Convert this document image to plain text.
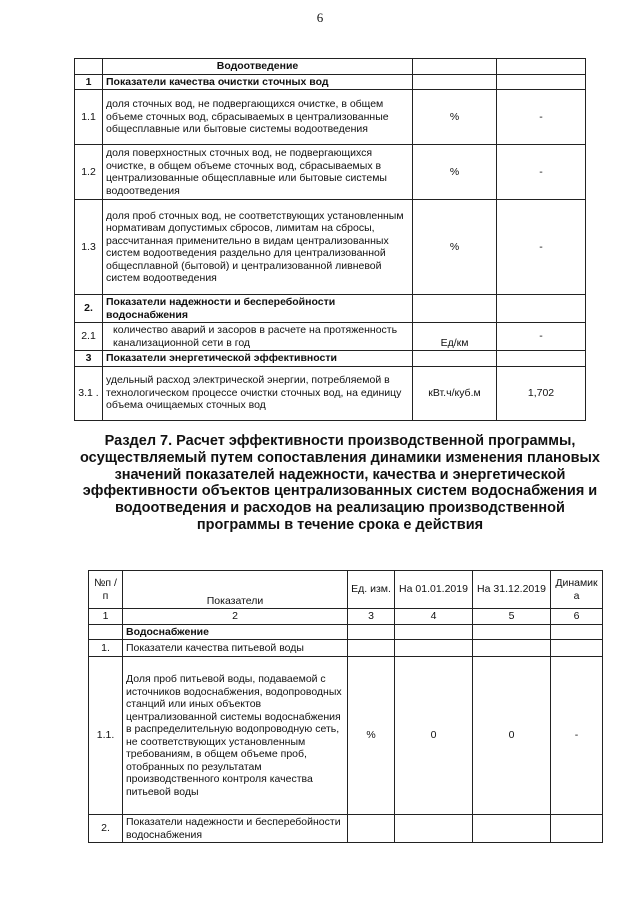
6
	Водоотведение		
1	Показатели качества очистки сточных вод		
1.1	доля сточных вод, не подвергающихся очистке, в общем объеме сточных вод, сбрасываемых в централизованные общесплавные или бытовые системы водоотведения	%	-
1.2	доля поверхностных сточных вод, не подвергающихся очистке, в общем объеме сточных вод, сбрасываемых в централизованные общесплавные или бытовые системы водоотведения	%	-
1.3	доля проб сточных вод, не соответствующих установленным нормативам допустимых сбросов, лимитам на сбросы, рассчитанная применительно в видам централизованных систем водоотведения раздельно для централизованной общесплавной (бытовой) и централизованной ливневой систем водоотведения	%	-
2.	Показатели надежности и бесперебойности водоснабжения		
2.1	количество аварий и засоров в расчете на протяженность канализационной сети в год	Ед/км	-
3	Показатели энергетической эффективности		
3.1 .	удельный расход электрической энергии, потребляемой в технологическом процессе очистки сточных вод, на единицу объема очищаемых сточных вод	кВт.ч/куб.м	1,702
Раздел 7. Расчет эффективности производственной программы, осуществляемый путем сопоставления динамики изменения плановых значений показателей надежности, качества и энергетической эффективности объектов централизованных систем водоснабжения и водоотведения и расходов на реализацию производственной программы в течение срока е действия
№п /п	Показатели	Ед. изм.	На 01.01.2019	На 31.12.2019	Динамик а
1	2	3	4	5	6
	Водоснабжение				
1.	Показатели качества питьевой воды				
1.1.	Доля проб питьевой воды, подаваемой с источников водоснабжения, водопроводных станций или иных объектов централизованной системы водоснабжения в распределительную водопроводную сеть, не соответствующих установленным требованиям, в общем объеме проб, отобранных по результатам производственного контроля качества питьевой воды	%	0	0	-
2.	Показатели надежности и бесперебойности водоснабжения				
